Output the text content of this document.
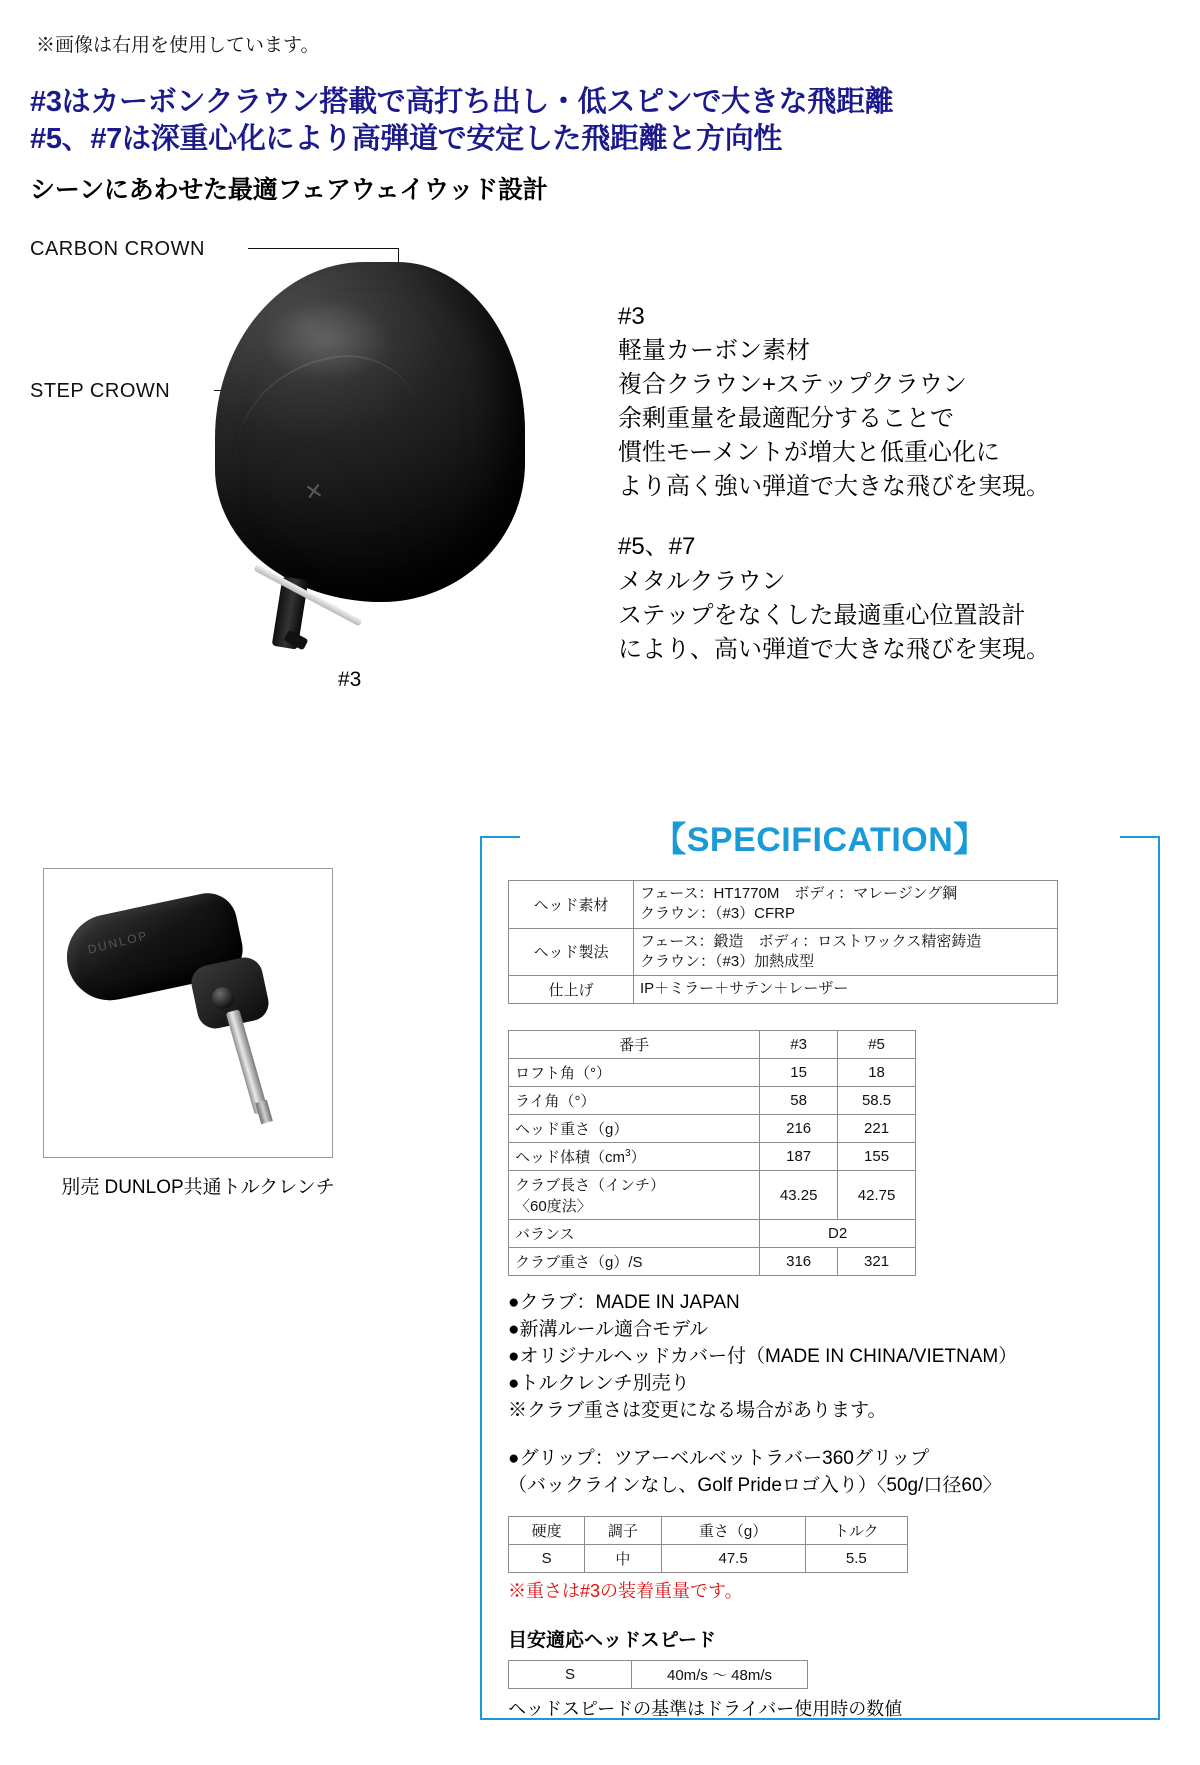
※画像は右用を使用しています。
#3はカーボンクラウン搭載で高打ち出し・低スピンで大きな飛距離
#5、#7は深重心化により高弾道で安定した飛距離と方向性
シーンにあわせた最適フェアウェイウッド設計
CARBON CROWN
STEP CROWN
✕
#3
#3
軽量カーボン素材
複合クラウン+ステップクラウン
余剰重量を最適配分することで
慣性モーメントが増大と低重心化に
より高く強い弾道で大きな飛びを実現。
#5、#7
メタルクラウン
ステップをなくした最適重心位置設計
により、高い弾道で大きな飛びを実現。
DUNLOP
別売 DUNLOP共通トルクレンチ
【SPECIFICATION】
ヘッド素材	フェース：HT1770M　ボディ：マレージング鋼
クラウン：（#3）CFRP

ヘッド製法	フェース：鍛造　ボディ：ロストワックス精密鋳造
クラウン：（#3）加熱成型

仕上げ	IP＋ミラー＋サテン＋レーザー
番手	#3	#5
ロフト角（°）	15	18
ライ角（°）	58	58.5
ヘッド重さ（g）	216	221
ヘッド体積$(cm^3)$	187	155

クラブ長さ（インチ）
〈60度法〉	43.25	42.75
バランス	D2	
クラブ重さ（g）/S	316	321
●クラブ：MADE IN JAPAN
●新溝ルール適合モデル
●オリジナルヘッドカバー付（MADE IN CHINA/VIETNAM）
●トルクレンチ別売り
※クラブ重さは変更になる場合があります。
●グリップ：ツアーベルベットラバー360グリップ
（バックラインなし、Golf Prideロゴ入り）〈50g/口径60〉
硬度	調子	重さ（g）	トルク
S	中	47.5	5.5
※重さは#3の装着重量です。
目安適応ヘッドスピード
S	40m/s ～ 48m/s
ヘッドスピードの基準はドライバー使用時の数値
